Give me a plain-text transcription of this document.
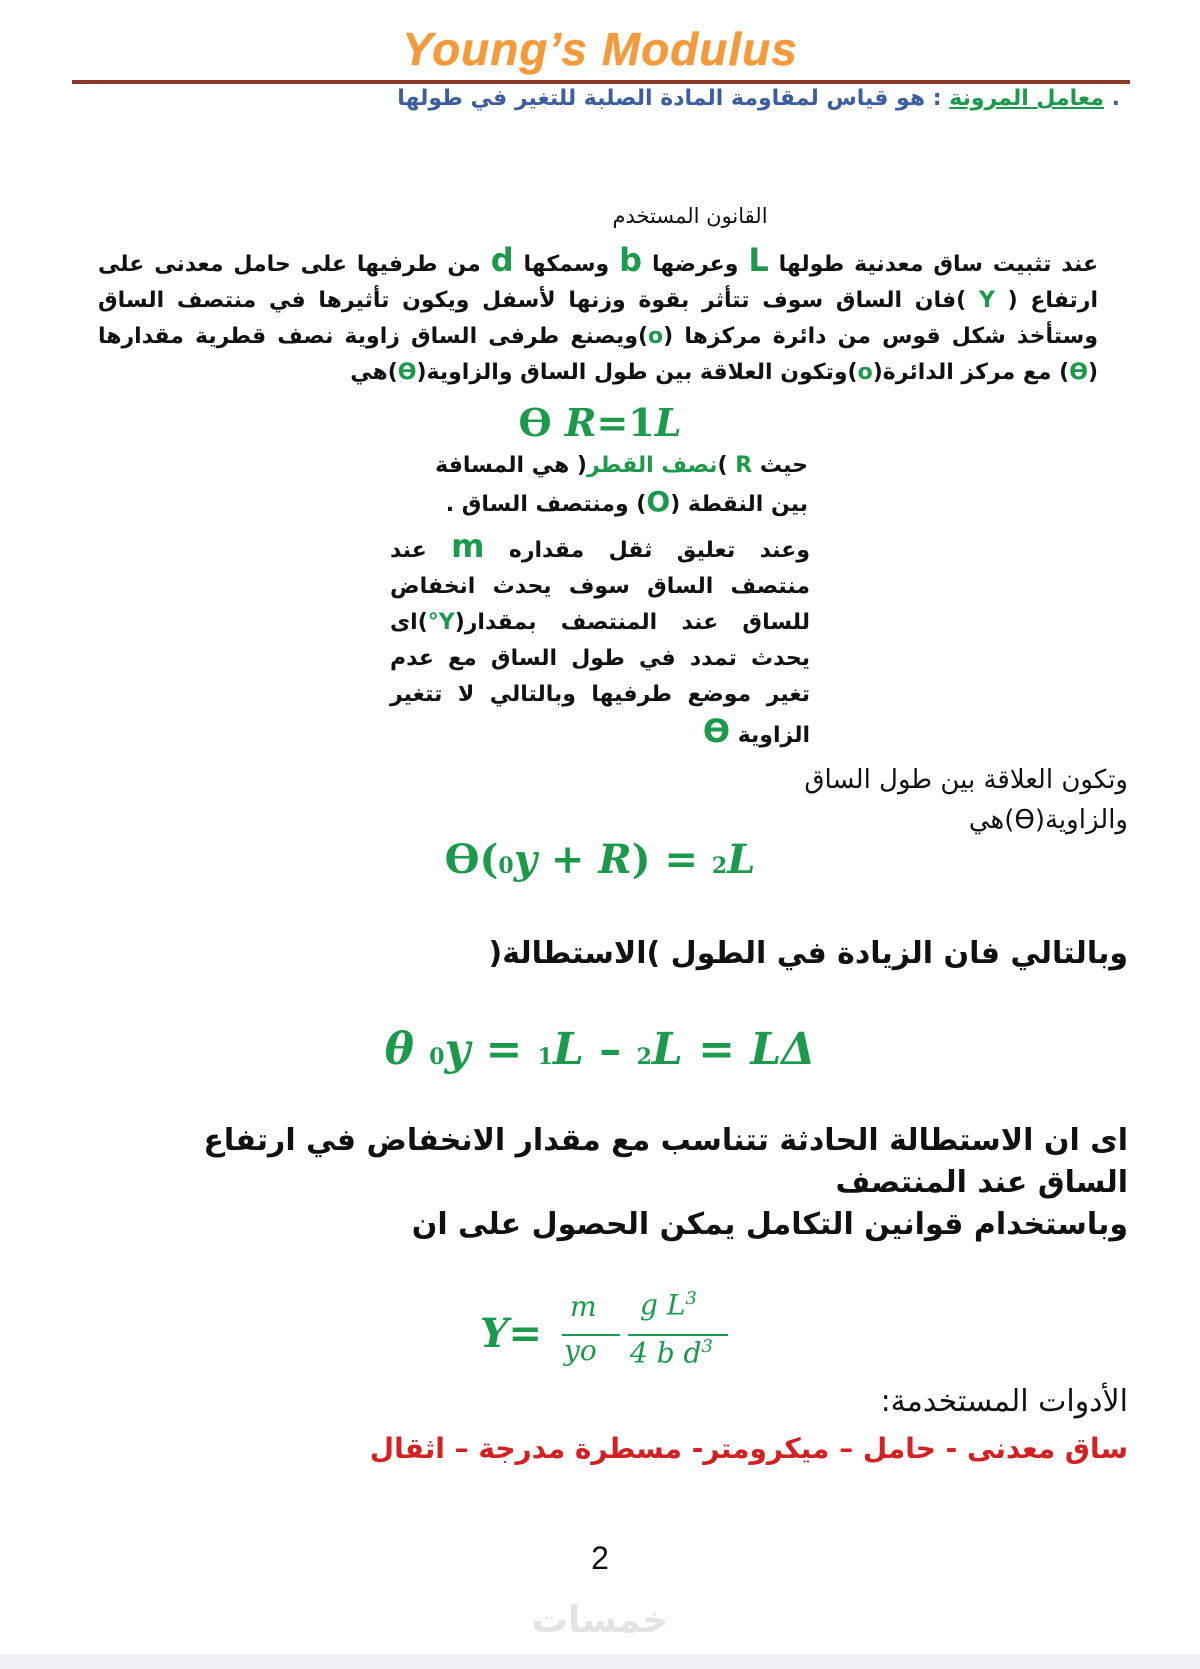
Young’s Modulus
. معامل المرونة : هو قياس لمقاومة المادة الصلبة للتغير في طولها
القانون المستخدم
عند تثبيت ساق معدنية طولها L وعرضها b وسمكها d من طرفيها على حامل معدنى على ارتفاع ( Y )فان الساق سوف تتأثر بقوة وزنها لأسفل ويكون تأثيرها في منتصف الساق وستأخذ شكل قوس من دائرة مركزها (o)ويصنع طرفى الساق زاوية نصف قطرية مقدارها (ϴ) مع مركز الدائرة(o)وتكون العلاقة بين طول الساق والزاوية(ϴ)هي
ϴ R=1L
حيث R )نصف القطر( هي المسافة بين النقطة (O) ومنتصف الساق .
وعند تعليق ثقل مقداره m عند منتصف الساق سوف يحدث انخفاض للساق عند المنتصف بمقدار(Y°)اى يحدث تمدد في طول الساق مع عدم تغير موضع طرفيها وبالتالي لا تتغير الزاوية ϴ
وتكون العلاقة بين طول الساق
والزاوية(ϴ)هي
ϴ(0y + R) = 2L
وبالتالي فان الزيادة في الطول )الاستطالة(
θ 0y = 1L – 2L = LΔ
اى ان الاستطالة الحادثة تتناسب مع مقدار الانخفاض في ارتفاع الساق عند المنتصف
وباستخدام قوانين التكامل يمكن الحصول على ان
Y=
m
yo
g $L^3$
4 b $d^3$
الأدوات المستخدمة:
ساق معدنى - حامل – ميكرومتر- مسطرة مدرجة – اثقال
2
خمسات
